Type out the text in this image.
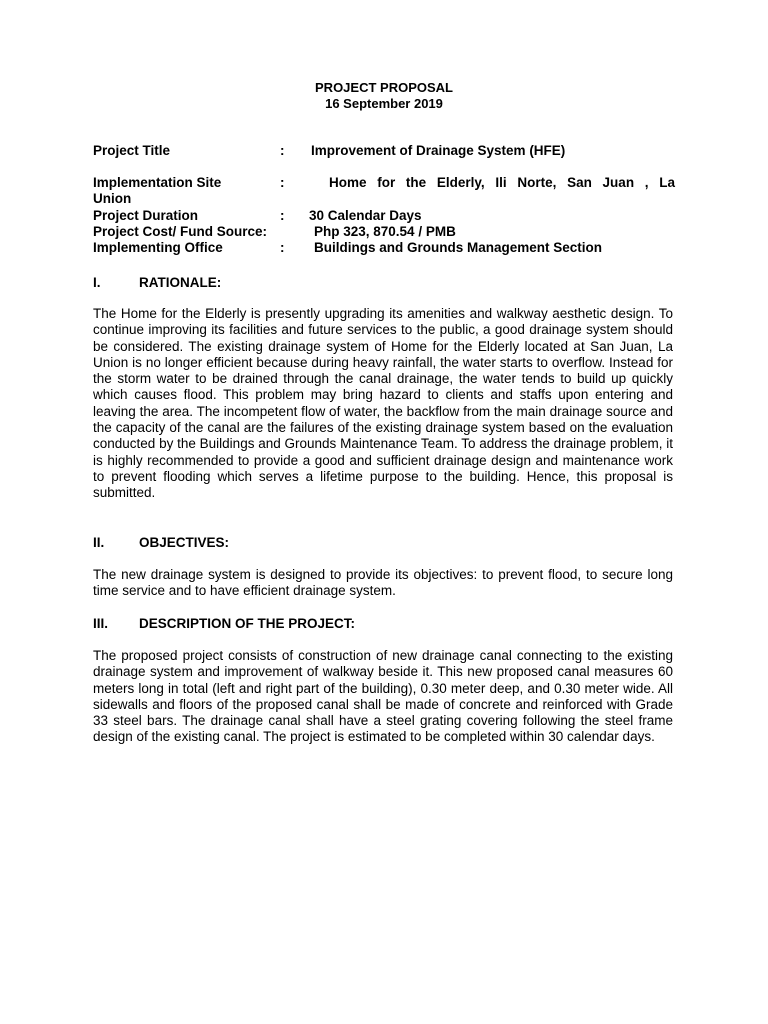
PROJECT PROPOSAL
16 September 2019
Project Title	: Improvement of Drainage System (HFE)
Implementation Site	:	Home for the Elderly, Ili Norte, San Juan , La
Union
Project Duration	: 30 Calendar Days
Project Cost/ Fund Source:	Php 323, 870.54 / PMB
Implementing Office	: Buildings and Grounds Management Section
I.	RATIONALE:

The Home for the Elderly is presently upgrading its amenities and walkway aesthetic design. To continue improving its facilities and future services to the public, a good drainage system should be considered. The existing drainage system of Home for the Elderly located at San Juan, La Union is no longer efficient because during heavy rainfall, the water starts to overflow. Instead for the storm water to be drained through the canal drainage, the water tends to build up quickly which causes flood. This problem may bring hazard to clients and staffs upon entering and leaving the area. The incompetent flow of water, the backflow from the main drainage source and the capacity of the canal are the failures of the existing drainage system based on the evaluation conducted by the Buildings and Grounds Maintenance Team. To address the drainage problem, it is highly recommended to provide a good and sufficient drainage design and maintenance work to prevent flooding which serves a lifetime purpose to the building. Hence, this proposal is submitted.

II.	OBJECTIVES:

The new drainage system is designed to provide its objectives: to prevent flood, to secure long time service and to have efficient drainage system.

III. DESCRIPTION OF THE PROJECT:

The proposed project consists of construction of new drainage canal connecting to the existing drainage system and improvement of walkway beside it. This new proposed canal measures 60 meters long in total (left and right part of the building), 0.30 meter deep, and 0.30 meter wide. All sidewalls and floors of the proposed canal shall be made of concrete and reinforced with Grade 33 steel bars. The drainage canal shall have a steel grating covering following the steel frame design of the existing canal. The project is estimated to be completed within 30 calendar days.
